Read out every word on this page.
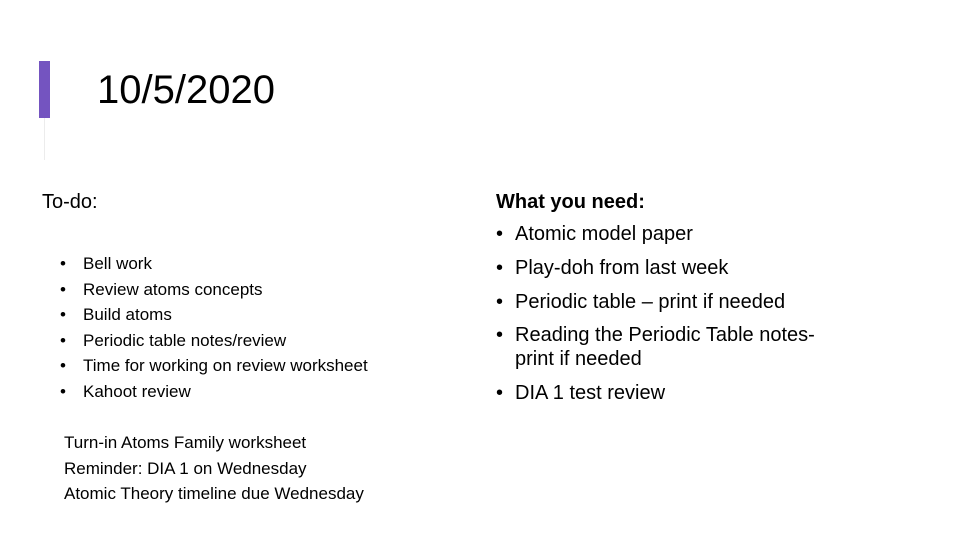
10/5/2020
To-do:
• Bell work
• Review atoms concepts
• Build atoms
• Periodic table notes/review
• Time for working on review worksheet
• Kahoot review
Turn-in Atoms Family worksheet
Reminder: DIA 1 on Wednesday
Atomic Theory timeline due Wednesday
What you need:
• Atomic model paper
• Play-doh from last week
• Periodic table – print if needed
• Reading the Periodic Table notes-
print if needed
• DIA 1 test review
